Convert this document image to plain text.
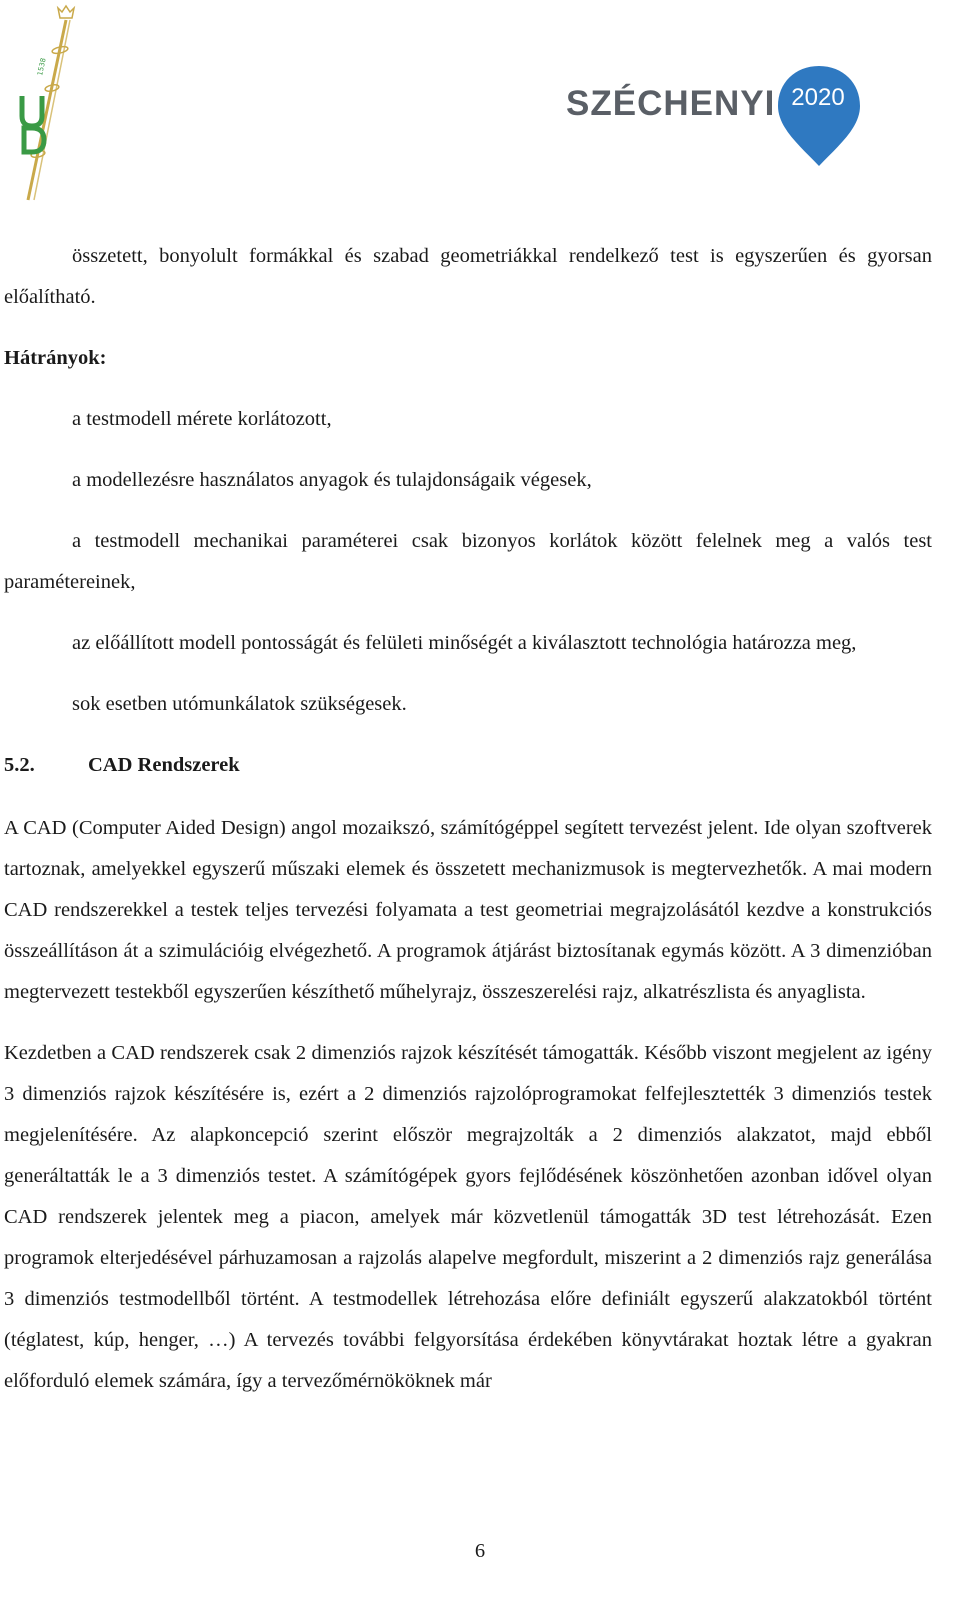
1538
SZÉCHENYI 2020
összetett, bonyolult formákkal és szabad geometriákkal rendelkező test is egyszerűen és gyorsan előalítható.
Hátrányok:
a testmodell mérete korlátozott,
a modellezésre használatos anyagok és tulajdonságaik végesek,
a testmodell mechanikai paraméterei csak bizonyos korlátok között felelnek meg a valós test paramétereinek,
az előállított modell pontosságát és felületi minőségét a kiválasztott technológia határozza meg,
sok esetben utómunkálatok szükségesek.
5.2.	CAD Rendszerek
A CAD (Computer Aided Design) angol mozaikszó, számítógéppel segített tervezést jelent. Ide olyan szoftverek tartoznak, amelyekkel egyszerű műszaki elemek és összetett mechanizmusok is megtervezhetők. A mai modern CAD rendszerekkel a testek teljes tervezési folyamata a test geometriai megrajzolásától kezdve a konstrukciós összeállításon át a szimulációig elvégezhető. A programok átjárást biztosítanak egymás között. A 3 dimenzióban megtervezett testekből egyszerűen készíthető műhelyrajz, összeszerelési rajz, alkatrészlista és anyaglista.
Kezdetben a CAD rendszerek csak 2 dimenziós rajzok készítését támogatták. Később viszont megjelent az igény 3 dimenziós rajzok készítésére is, ezért a 2 dimenziós rajzolóprogramokat felfejlesztették 3 dimenziós testek megjelenítésére. Az alapkoncepció szerint először megrajzolták a 2 dimenziós alakzatot, majd ebből generáltatták le a 3 dimenziós testet. A számítógépek gyors fejlődésének köszönhetően azonban idővel olyan CAD rendszerek jelentek meg a piacon, amelyek már közvetlenül támogatták 3D test létrehozását. Ezen programok elterjedésével párhuzamosan a rajzolás alapelve megfordult, miszerint a 2 dimenziós rajz generálása 3 dimenziós testmodellből történt. A testmodellek létrehozása előre definiált egyszerű alakzatokból történt (téglatest, kúp, henger, …) A tervezés további felgyorsítása érdekében könyvtárakat hoztak létre a gyakran előforduló elemek számára, így a tervezőmérnököknek már
6
